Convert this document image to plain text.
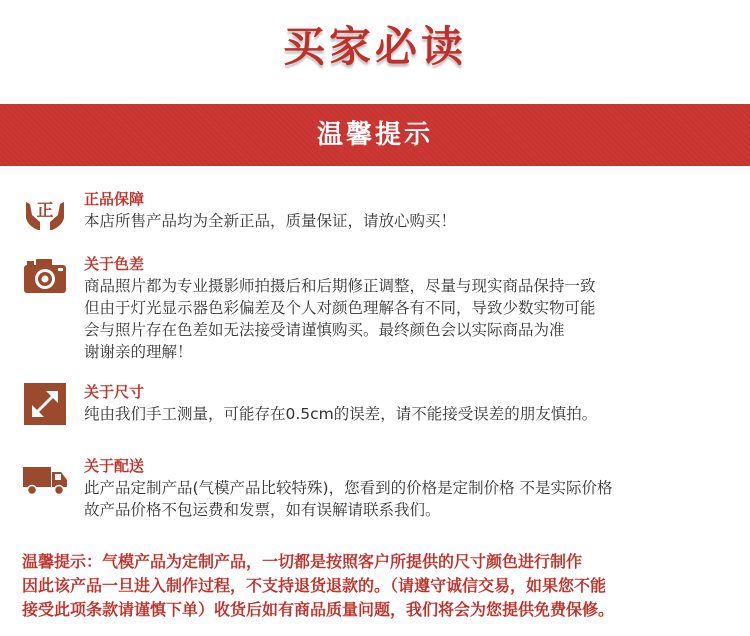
买家必读
温馨提示
正
正品保障
本店所售产品均为全新正品，质量保证，请放心购买！
关于色差
商品照片都为专业摄影师拍摄后和后期修正调整，尽量与现实商品保持一致
但由于灯光显示器色彩偏差及个人对颜色理解各有不同，导致少数实物可能
会与照片存在色差如无法接受请谨慎购买。最终颜色会以实际商品为准
谢谢亲的理解！
关于尺寸
纯由我们手工测量，可能存在0.5cm的误差，请不能接受误差的朋友慎拍。
关于配送
此产品定制产品(气模产品比较特殊)，您看到的价格是定制价格 不是实际价格
故产品价格不包运费和发票，如有误解请联系我们。
温馨提示：气模产品为定制产品，一切都是按照客户所提供的尺寸颜色进行制作
因此该产品一旦进入制作过程，不支持退货退款的。（请遵守诚信交易，如果您不能
接受此项条款请谨慎下单）收货后如有商品质量问题，我们将会为您提供免费保修。
